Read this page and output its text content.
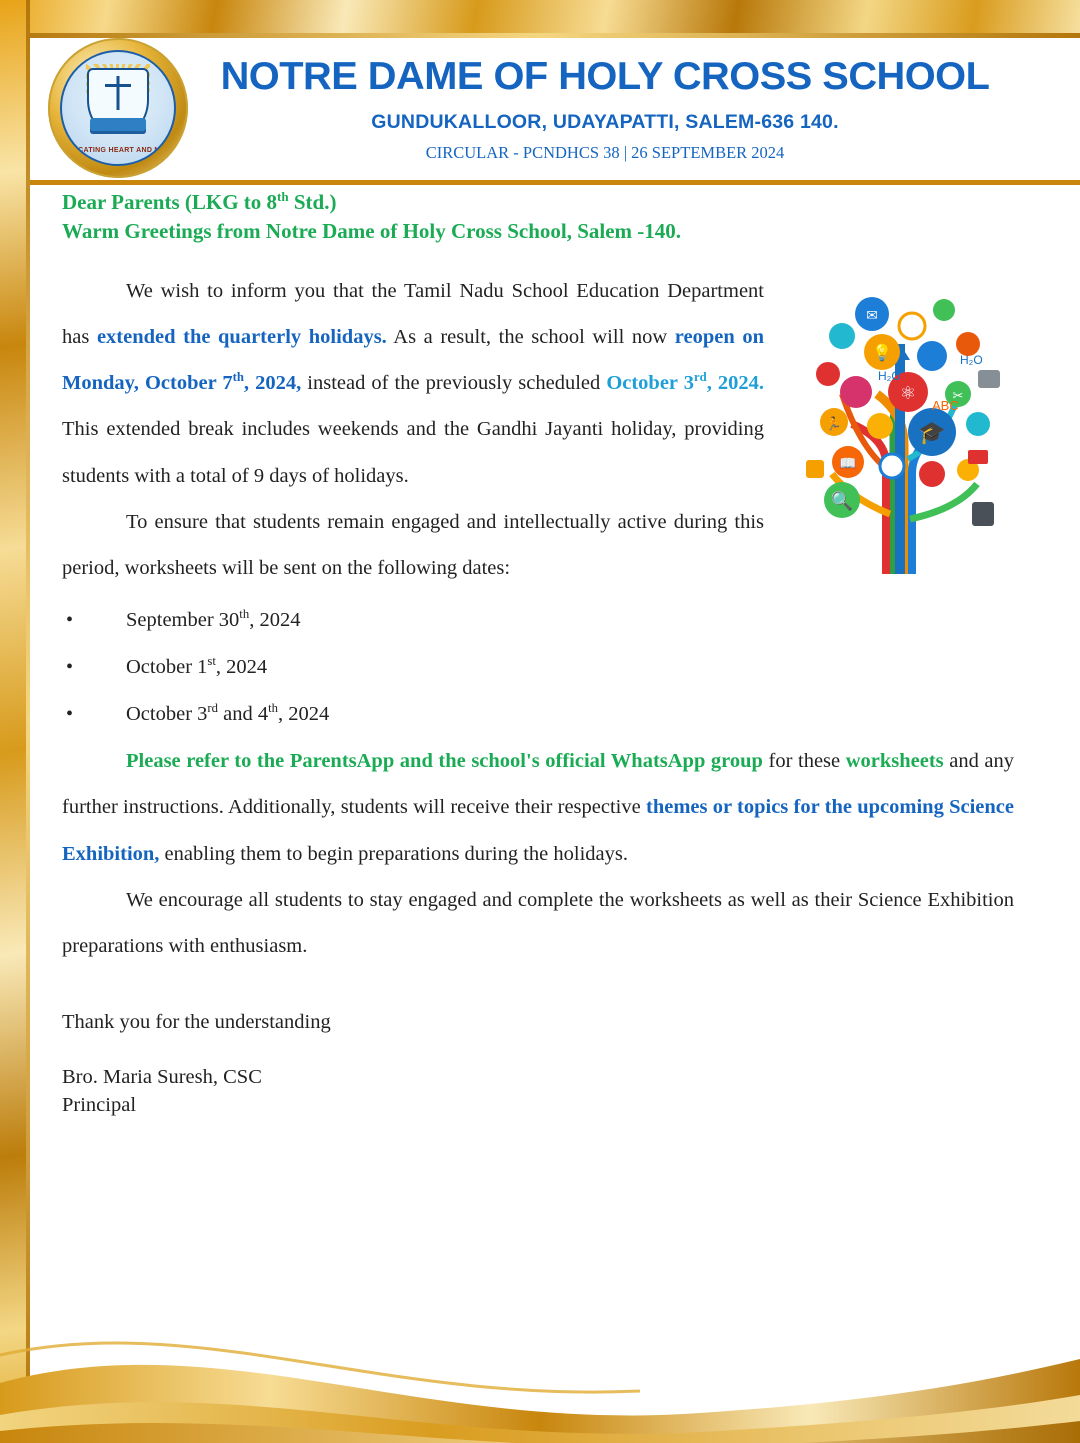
EDUCATING HEART AND MIND
NOTRE DAME OF HOLY CROSS SCHOOL
GUNDUKALLOOR, UDAYAPATTI, SALEM-636 140.
CIRCULAR - PCNDHCS 38 | 26 SEPTEMBER 2024
Dear Parents (LKG to 8th Std.)
Warm Greetings from Notre Dame of Holy Cross School, Salem -140.
✉
💡
⚛
🎓
🔍
📖
✂
🏃
H₂O
H₂O
ABC

We wish to inform you that the Tamil Nadu School Education Department has extended the quarterly holidays. As a result, the school will now reopen on Monday, October 7th, 2024, instead of the previously scheduled October 3rd, 2024. This extended break includes weekends and the Gandhi Jayanti holiday, providing students with a total of 9 days of holidays.

To ensure that students remain engaged and intellectually active during this period, worksheets will be sent on the following dates:

• September 30th, 2024
• October 1st, 2024
• October 3rd and 4th, 2024

Please refer to the ParentsApp and the school's official WhatsApp group for these worksheets and any further instructions. Additionally, students will receive their respective themes or topics for the upcoming Science Exhibition, enabling them to begin preparations during the holidays.

We encourage all students to stay engaged and complete the worksheets as well as their Science Exhibition preparations with enthusiasm.

Thank you for the understanding
Bro. Maria Suresh, CSC
Principal
